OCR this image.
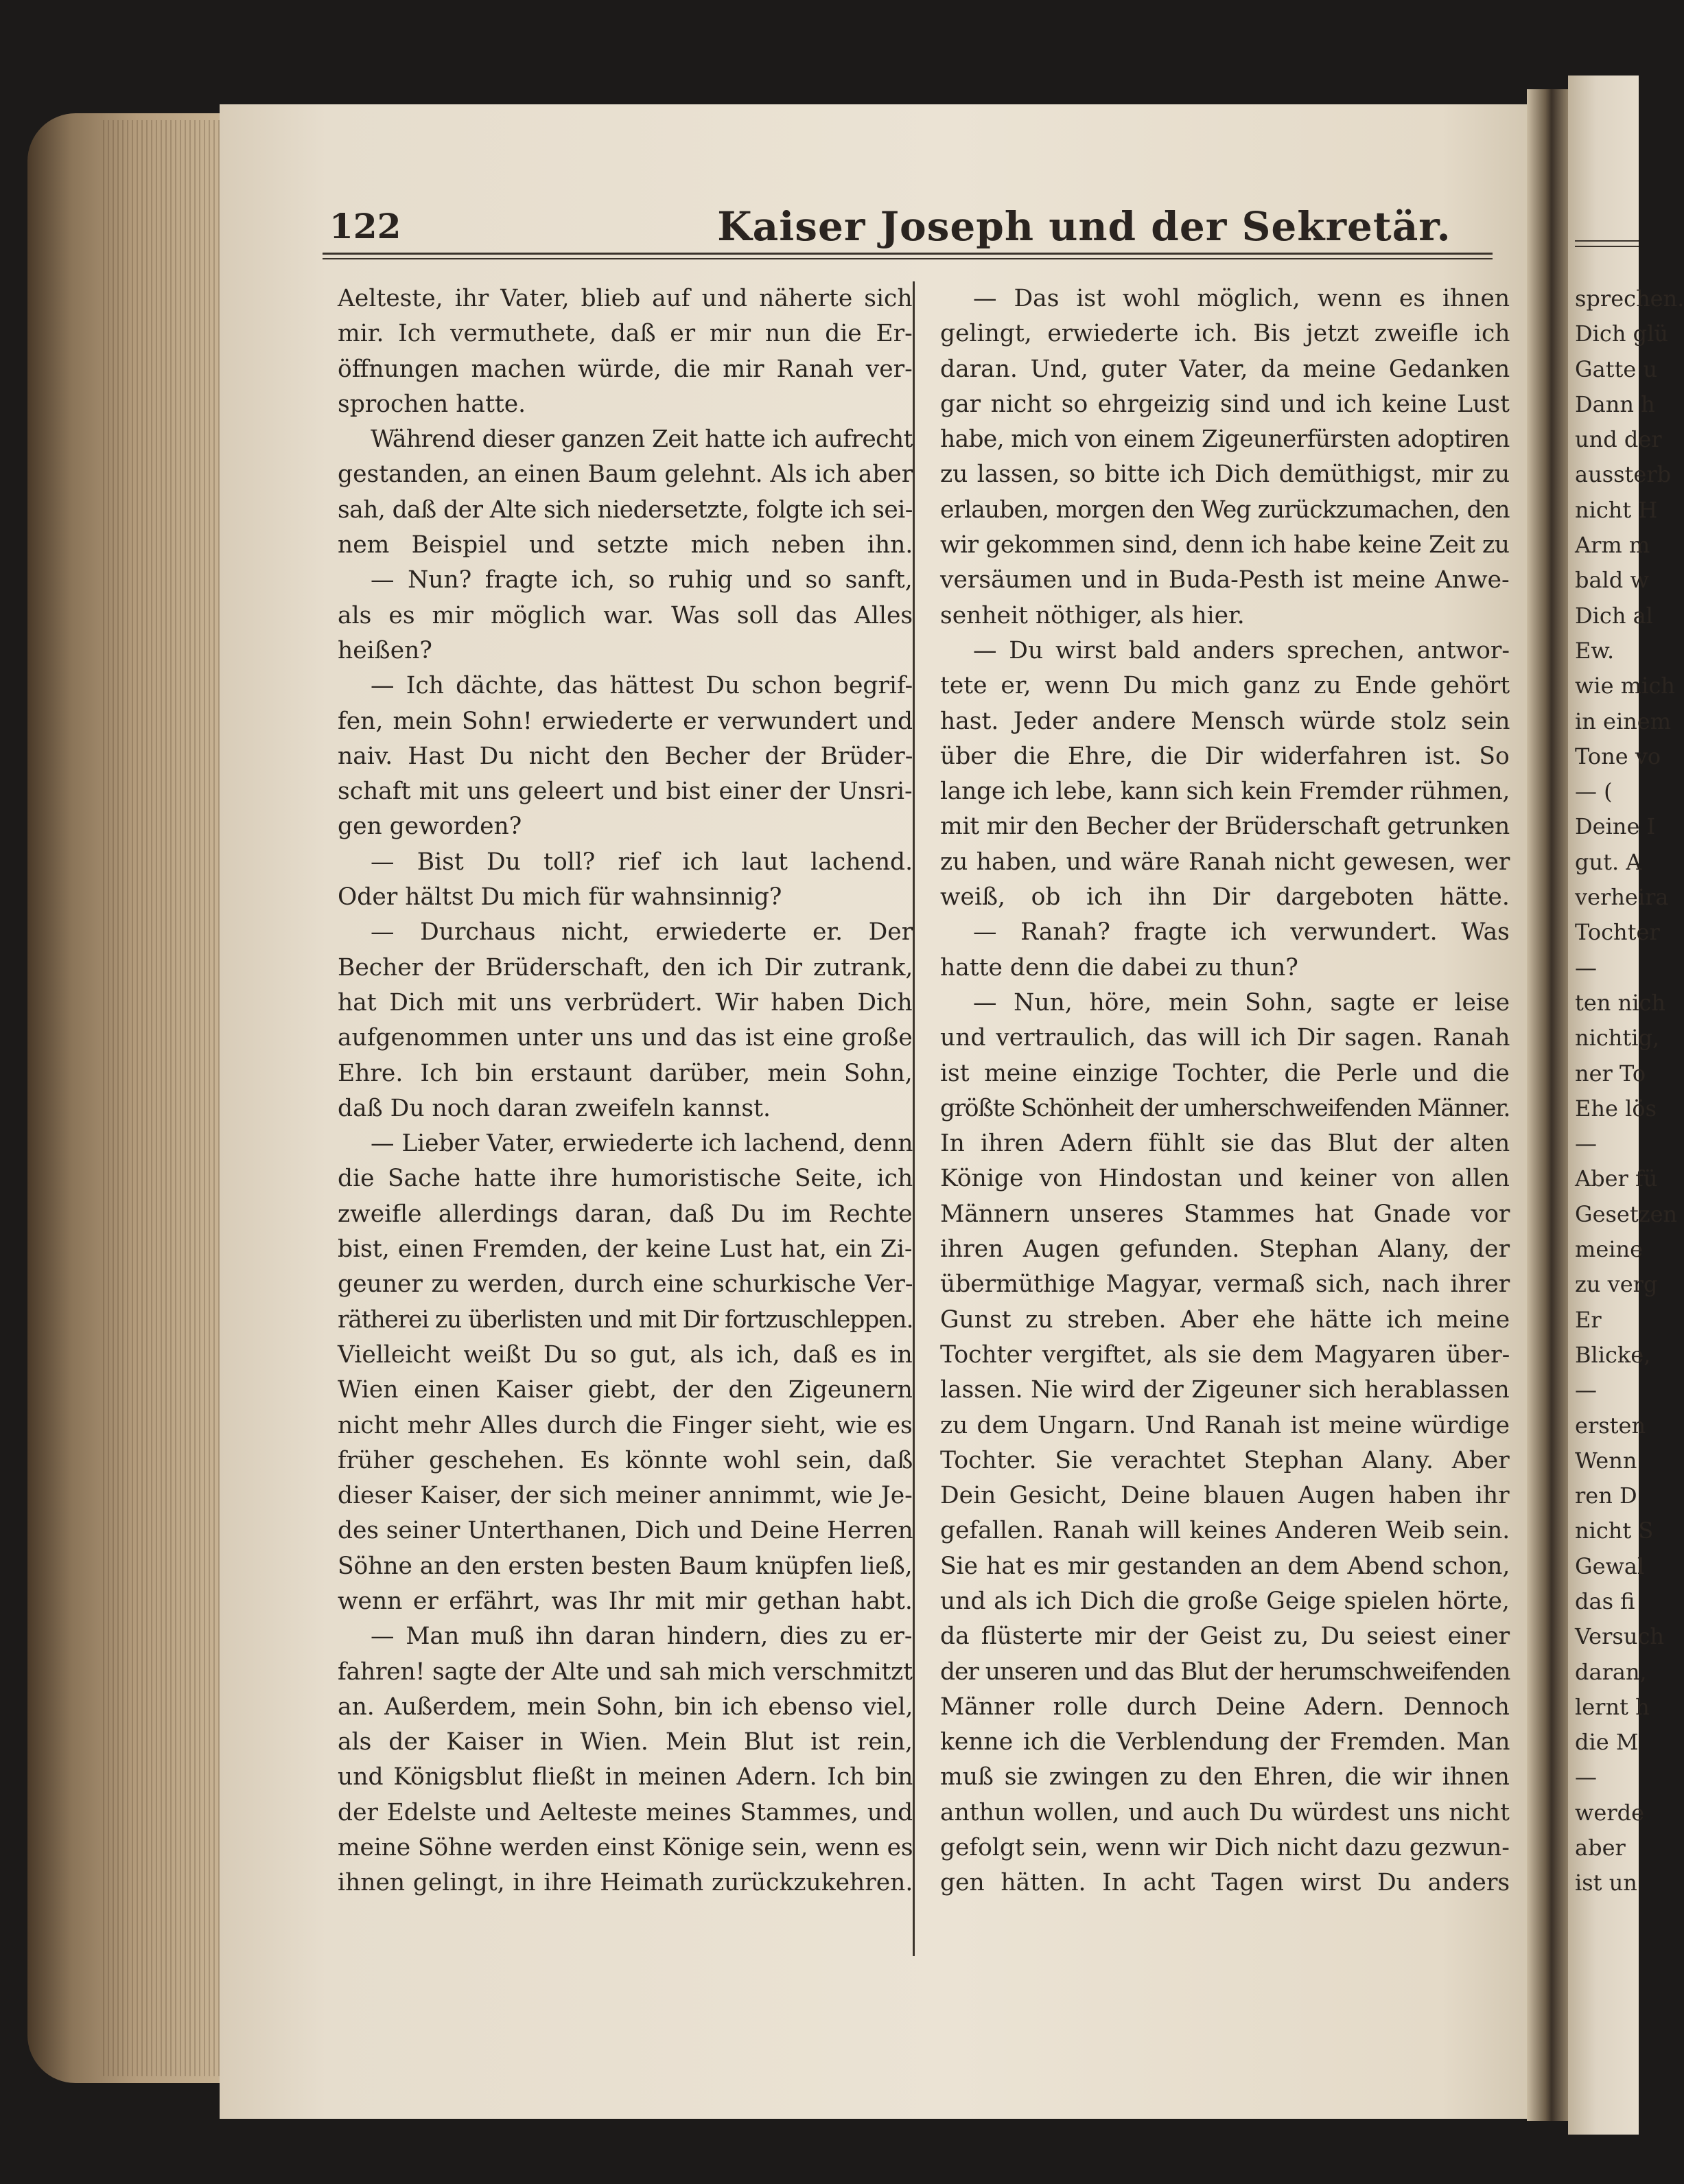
122	Kaiser Joseph und der Sekretär.
Aelteste, ihr Vater, blieb auf und näherte sich
mir. Ich vermuthete, daß er mir nun die Er-
öffnungen machen würde, die mir Ranah ver-
sprochen hatte.
Während dieser ganzen Zeit hatte ich aufrecht
gestanden, an einen Baum gelehnt. Als ich aber
sah, daß der Alte sich niedersetzte, folgte ich sei-
nem Beispiel und setzte mich neben ihn.
— Nun? fragte ich, so ruhig und so sanft,
als es mir möglich war. Was soll das Alles
heißen?
— Ich dächte, das hättest Du schon begrif-
fen, mein Sohn! erwiederte er verwundert und
naiv. Hast Du nicht den Becher der Brüder-
schaft mit uns geleert und bist einer der Unsri-
gen geworden?
— Bist Du toll? rief ich laut lachend.
Oder hältst Du mich für wahnsinnig?
— Durchaus nicht, erwiederte er. Der
Becher der Brüderschaft, den ich Dir zutrank,
hat Dich mit uns verbrüdert. Wir haben Dich
aufgenommen unter uns und das ist eine große
Ehre. Ich bin erstaunt darüber, mein Sohn,
daß Du noch daran zweifeln kannst.
— Lieber Vater, erwiederte ich lachend, denn
die Sache hatte ihre humoristische Seite, ich
zweifle allerdings daran, daß Du im Rechte
bist, einen Fremden, der keine Lust hat, ein Zi-
geuner zu werden, durch eine schurkische Ver-
rätherei zu überlisten und mit Dir fortzuschleppen.
Vielleicht weißt Du so gut, als ich, daß es in
Wien einen Kaiser giebt, der den Zigeunern
nicht mehr Alles durch die Finger sieht, wie es
früher geschehen. Es könnte wohl sein, daß
dieser Kaiser, der sich meiner annimmt, wie Je-
des seiner Unterthanen, Dich und Deine Herren
Söhne an den ersten besten Baum knüpfen ließ,
wenn er erfährt, was Ihr mit mir gethan habt.
— Man muß ihn daran hindern, dies zu er-
fahren! sagte der Alte und sah mich verschmitzt
an. Außerdem, mein Sohn, bin ich ebenso viel,
als der Kaiser in Wien. Mein Blut ist rein,
und Königsblut fließt in meinen Adern. Ich bin
der Edelste und Aelteste meines Stammes, und
meine Söhne werden einst Könige sein, wenn es
ihnen gelingt, in ihre Heimath zurückzukehren.
— Das ist wohl möglich, wenn es ihnen
gelingt, erwiederte ich. Bis jetzt zweifle ich
daran. Und, guter Vater, da meine Gedanken
gar nicht so ehrgeizig sind und ich keine Lust
habe, mich von einem Zigeunerfürsten adoptiren
zu lassen, so bitte ich Dich demüthigst, mir zu
erlauben, morgen den Weg zurückzumachen, den
wir gekommen sind, denn ich habe keine Zeit zu
versäumen und in Buda-Pesth ist meine Anwe-
senheit nöthiger, als hier.
— Du wirst bald anders sprechen, antwor-
tete er, wenn Du mich ganz zu Ende gehört
hast. Jeder andere Mensch würde stolz sein
über die Ehre, die Dir widerfahren ist. So
lange ich lebe, kann sich kein Fremder rühmen,
mit mir den Becher der Brüderschaft getrunken
zu haben, und wäre Ranah nicht gewesen, wer
weiß, ob ich ihn Dir dargeboten hätte.
— Ranah? fragte ich verwundert. Was
hatte denn die dabei zu thun?
— Nun, höre, mein Sohn, sagte er leise
und vertraulich, das will ich Dir sagen. Ranah
ist meine einzige Tochter, die Perle und die
größte Schönheit der umherschweifenden Männer.
In ihren Adern fühlt sie das Blut der alten
Könige von Hindostan und keiner von allen
Männern unseres Stammes hat Gnade vor
ihren Augen gefunden. Stephan Alany, der
übermüthige Magyar, vermaß sich, nach ihrer
Gunst zu streben. Aber ehe hätte ich meine
Tochter vergiftet, als sie dem Magyaren über-
lassen. Nie wird der Zigeuner sich herablassen
zu dem Ungarn. Und Ranah ist meine würdige
Tochter. Sie verachtet Stephan Alany. Aber
Dein Gesicht, Deine blauen Augen haben ihr
gefallen. Ranah will keines Anderen Weib sein.
Sie hat es mir gestanden an dem Abend schon,
und als ich Dich die große Geige spielen hörte,
da flüsterte mir der Geist zu, Du seiest einer
der unseren und das Blut der herumschweifenden
Männer rolle durch Deine Adern. Dennoch
kenne ich die Verblendung der Fremden. Man
muß sie zwingen zu den Ehren, die wir ihnen
anthun wollen, und auch Du würdest uns nicht
gefolgt sein, wenn wir Dich nicht dazu gezwun-
gen hätten. In acht Tagen wirst Du anders
sprechen.
Dich glü
Gatte u
Dann h
und der
aussterb
nicht H
Arm m
bald w
Dich al
Ew.
wie mich
in einem
Tone vo
— (
Deine I
gut. A
verheira
Tochter
—
ten nich
nichtig,
ner To
Ehe lös
—
Aber fü
Gesetzen
meine
zu verg
Er
Blicke,
—
ersten
Wenn
ren D
nicht S
Gewal
das fi
Versuch
daran,
lernt h
die M
—
werde
aber
ist un
